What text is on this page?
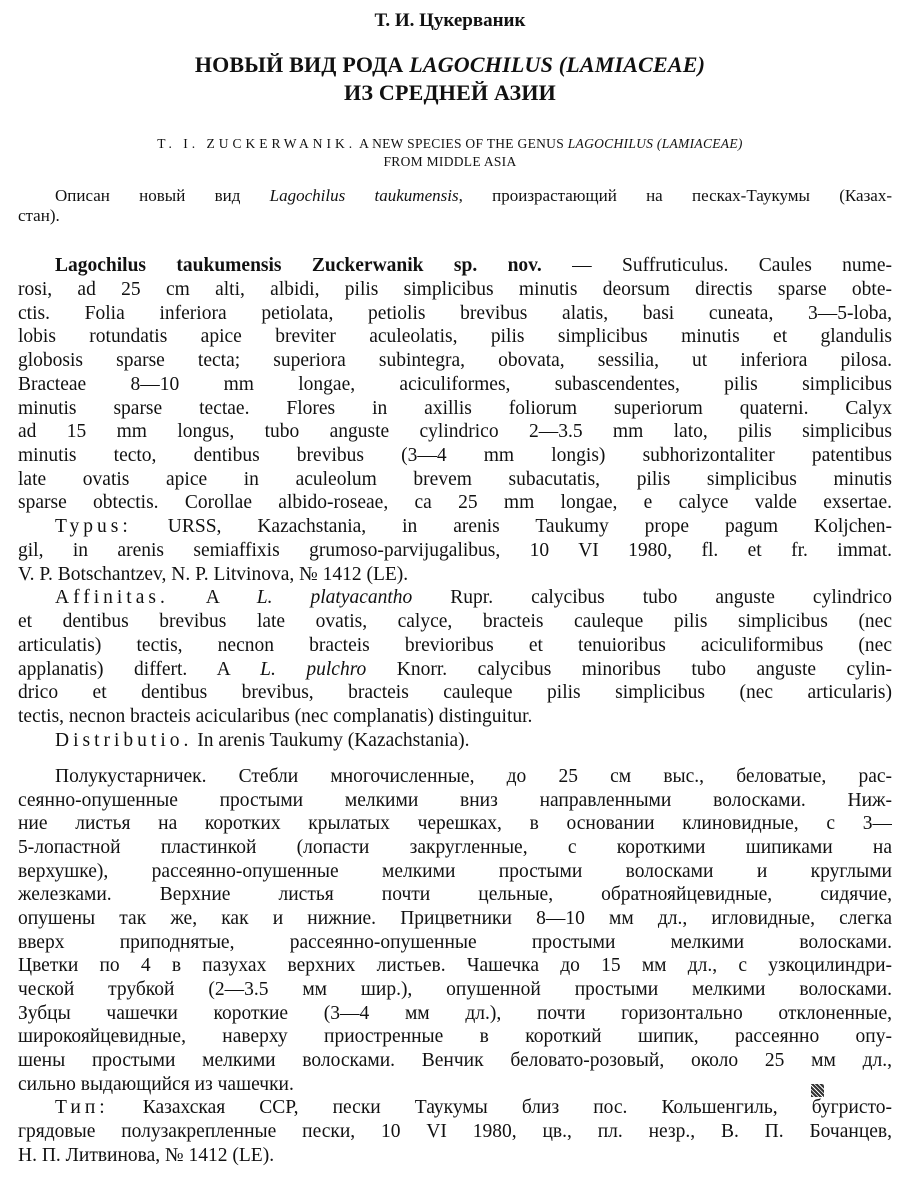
Т. И. Цукерваник
НОВЫЙ ВИД РОДА LAGOCHILUS (LAMIACEAE)
ИЗ СРЕДНЕЙ АЗИИ
T. I. ZUCKERWANIK. A NEW SPECIES OF THE GENUS LAGOCHILUS (LAMIACEAE)
FROM MIDDLE ASIA
Описан новый вид Lagochilus taukumensis, произрастающий на песках-Таукумы (Казах-
стан).
Lagochilus taukumensis Zuckerwanik sp. nov. — Suffruticulus. Caules numе-
rosi, ad 25 cm alti, albidi, pilis simplicibus minutis deorsum directis sparse obte-
ctis. Folia inferiora petiolata, petiolis brevibus alatis, basi cuneata, 3—5-loba,
lobis rotundatis apice breviter aculeolatis, pilis simplicibus minutis et glandulis
globosis sparse tecta; superiora subintegra, obovata, sessilia, ut inferiora pilosa.
Bracteae 8—10 mm longae, aciculiformes, subascendentes, pilis simplicibus
minutis sparse tectae. Flores in axillis foliorum superiorum quaterni. Calyx
ad 15 mm longus, tubo anguste cylindrico 2—3.5 mm lato, pilis simplicibus
minutis tecto, dentibus brevibus (3—4 mm longis) subhorizontaliter patentibus
late ovatis apice in aculeolum brevem subacutatis, pilis simplicibus minutis
sparse obtectis. Corollae albido-roseae, ca 25 mm longae, e calyce valde exsertae.
Typus: URSS, Kazachstania, in arenis Taukumy prope pagum Koljchen-
gil, in arenis semiaffixis grumoso-parvijugalibus, 10 VI 1980, fl. et fr. immat.
V. P. Botschantzev, N. P. Litvinova, № 1412 (LE).
Affinitas. A L. platyacantho Rupr. calycibus tubo anguste cylindrico
et dentibus brevibus late ovatis, calyce, bracteis cauleque pilis simplicibus (nec
articulatis) tectis, necnon bracteis brevioribus et tenuioribus aciculiformibus (nec
applanatis) differt. A L. pulchro Knorr. calycibus minoribus tubo anguste cylin-
drico et dentibus brevibus, bracteis cauleque pilis simplicibus (nec articularis)
tectis, necnon bracteis acicularibus (nec complanatis) distinguitur.
Distributio. In arenis Taukumy (Kazachstania).
Полукустарничек. Стебли многочисленные, до 25 см выс., беловатые, рас-
сеянно-опушенные простыми мелкими вниз направленными волосками. Ниж-
ние листья на коротких крылатых черешках, в основании клиновидные, с 3—
5-лопастной пластинкой (лопасти закругленные, с короткими шипиками на
верхушке), рассеянно-опушенные мелкими простыми волосками и круглыми
железками. Верхние листья почти цельные, обратнояйцевидные, сидячие,
опушены так же, как и нижние. Прицветники 8—10 мм дл., игловидные, слегка
вверх приподнятые, рассеянно-опушенные простыми мелкими волосками.
Цветки по 4 в пазухах верхних листьев. Чашечка до 15 мм дл., с узкоцилиндри-
ческой трубкой (2—3.5 мм шир.), опушенной простыми мелкими волосками.
Зубцы чашечки короткие (3—4 мм дл.), почти горизонтально отклоненные,
широкояйцевидные, наверху приостренные в короткий шипик, рассеянно опу-
шены простыми мелкими волосками. Венчик беловато-розовый, около 25 мм дл.,
сильно выдающийся из чашечки.
Тип: Казахская ССР, пески Таукумы близ пос. Кольшенгиль, бугристо-
грядовые полузакрепленные пески, 10 VI 1980, цв., пл. незр., В. П. Бочанцев,
Н. П. Литвинова, № 1412 (LE).
